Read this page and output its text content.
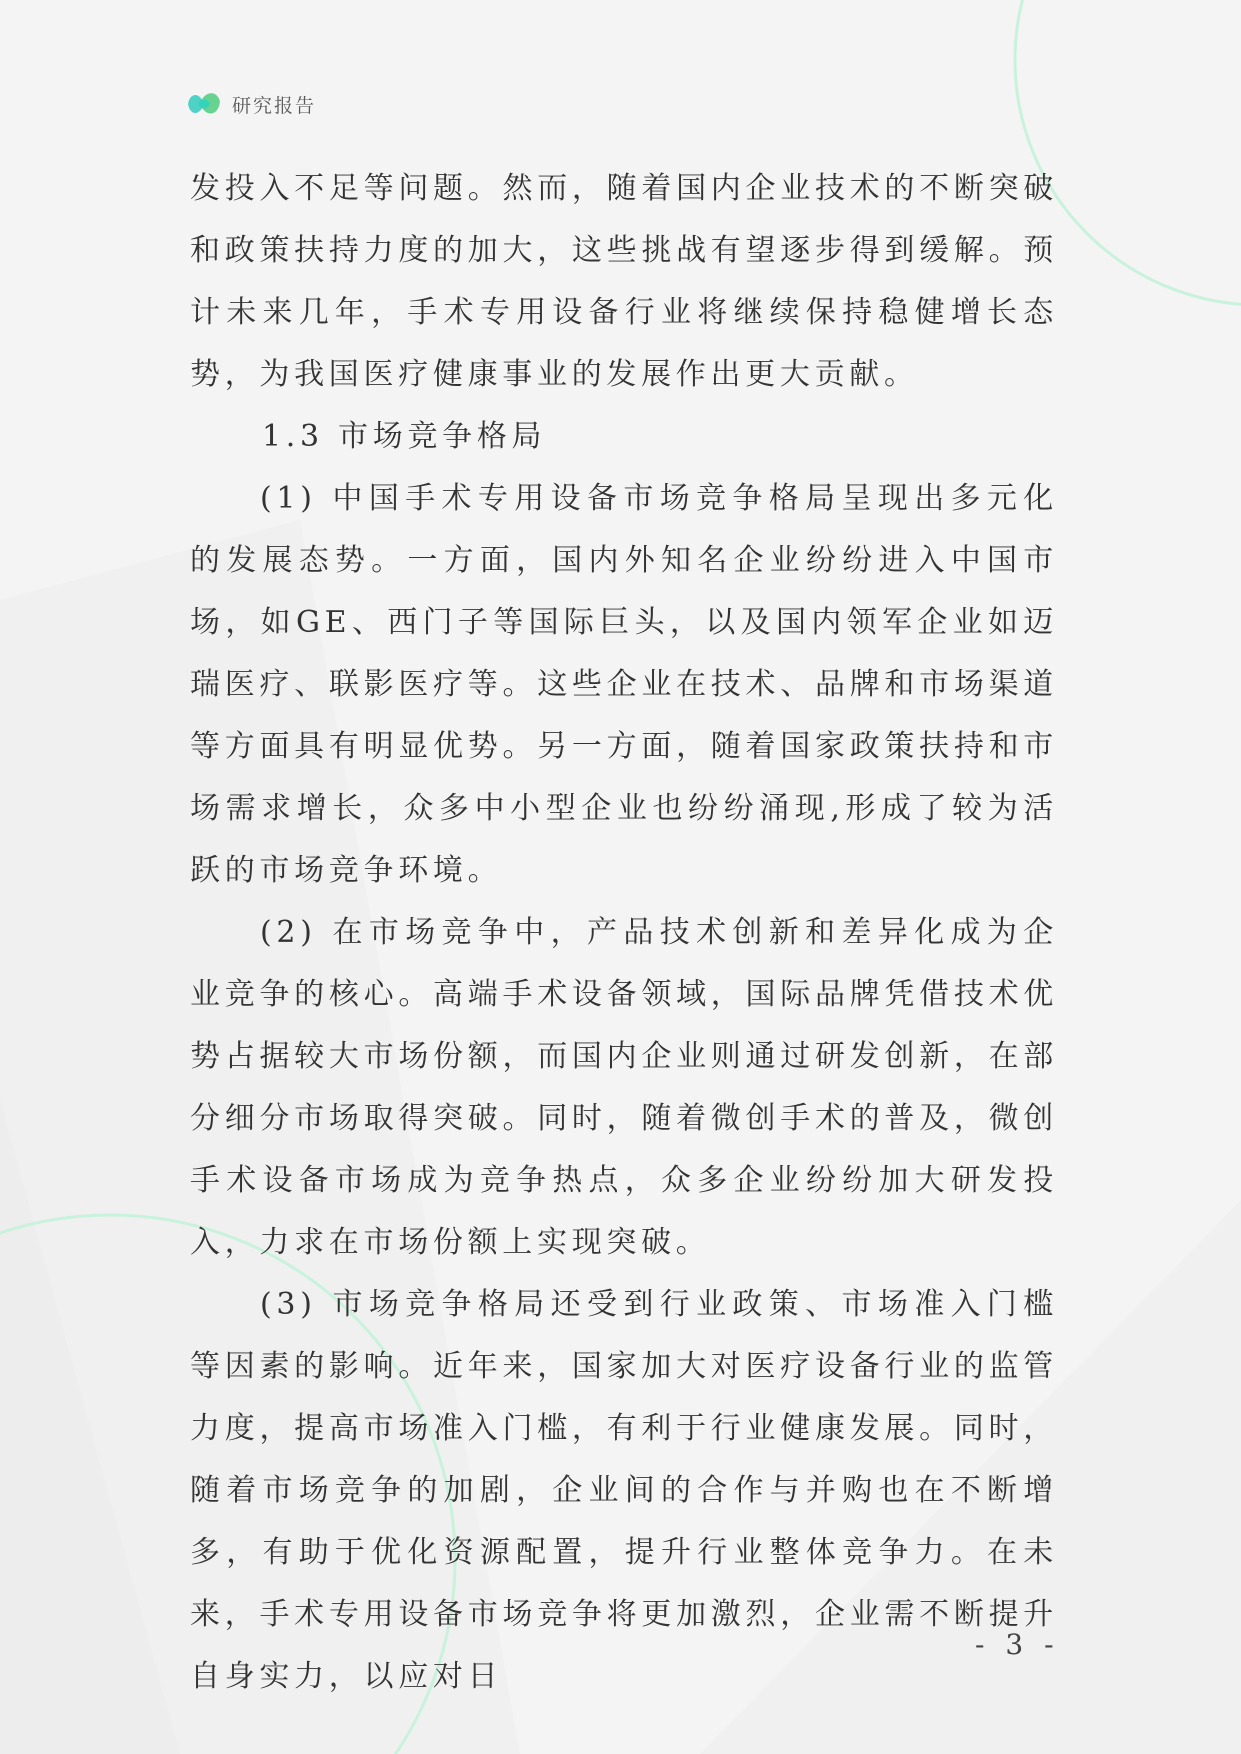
研究报告

发投入不足等问题。然而，随着国内企业技术的不断突破和政策扶持力度的加大，这些挑战有望逐步得到缓解。预计未来几年，手术专用设备行业将继续保持稳健增长态势，为我国医疗健康事业的发展作出更大贡献。

1.3 市场竞争格局

(1) 中国手术专用设备市场竞争格局呈现出多元化的发展态势。一方面，国内外知名企业纷纷进入中国市场，如GE、西门子等国际巨头，以及国内领军企业如迈瑞医疗、联影医疗等。这些企业在技术、品牌和市场渠道等方面具有明显优势。另一方面，随着国家政策扶持和市场需求增长，众多中小型企业也纷纷涌现,形成了较为活跃的市场竞争环境。

(2) 在市场竞争中，产品技术创新和差异化成为企业竞争的核心。高端手术设备领域，国际品牌凭借技术优势占据较大市场份额，而国内企业则通过研发创新，在部分细分市场取得突破。同时，随着微创手术的普及，微创手术设备市场成为竞争热点，众多企业纷纷加大研发投入，力求在市场份额上实现突破。

(3) 市场竞争格局还受到行业政策、市场准入门槛等因素的影响。近年来，国家加大对医疗设备行业的监管力度，提高市场准入门槛，有利于行业健康发展。同时，随着市场竞争的加剧，企业间的合作与并购也在不断增多，有助于优化资源配置，提升行业整体竞争力。在未来，手术专用设备市场竞争将更加激烈，企业需不断提升自身实力，以应对日

- 3 -
